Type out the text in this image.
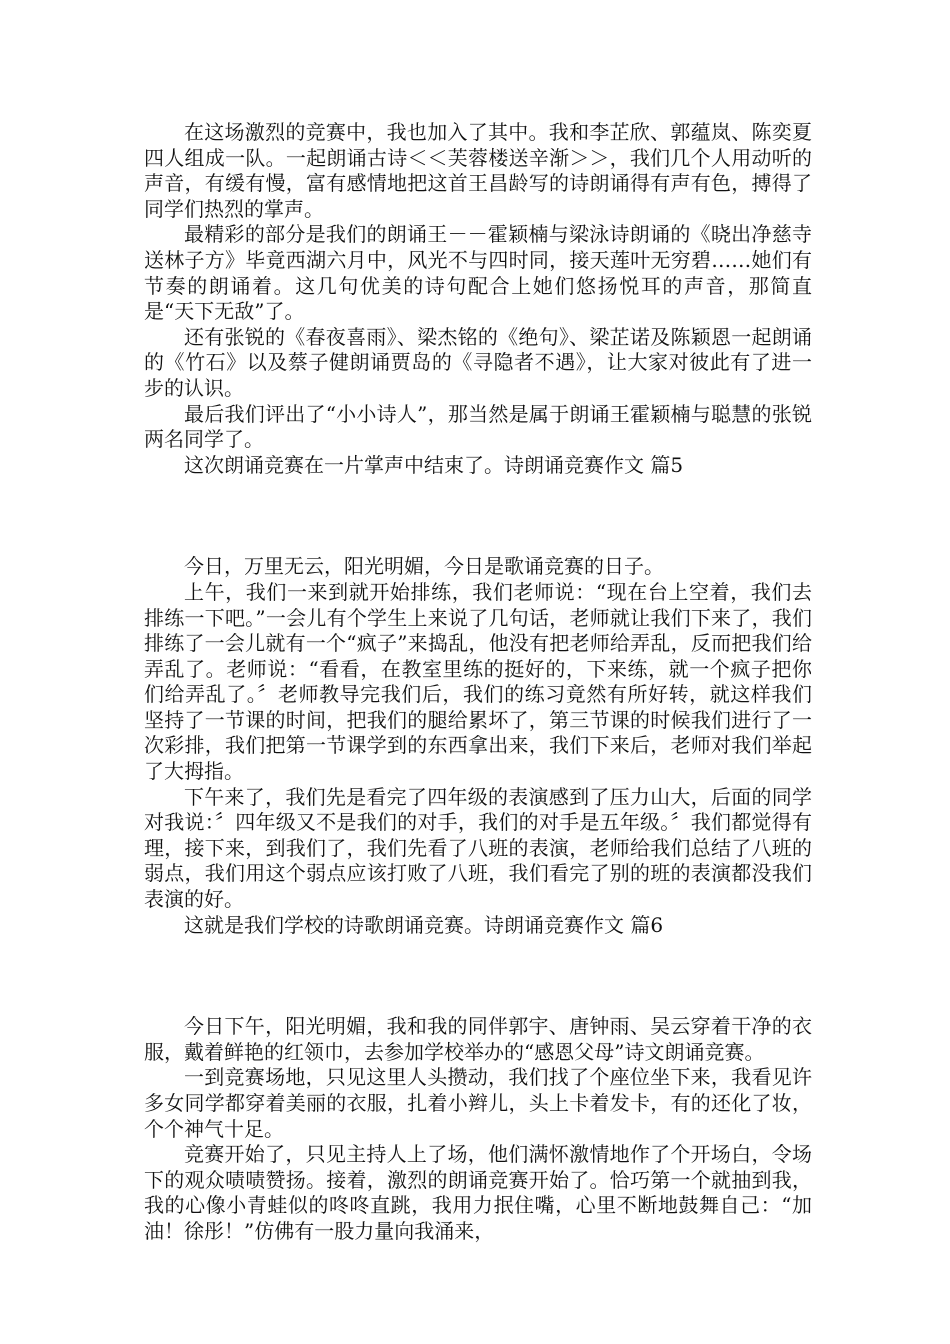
在这场激烈的竞赛中，我也加入了其中。我和李芷欣、郭蕴岚、陈奕夏四人组成一队。一起朗诵古诗＜＜芙蓉楼送辛渐＞＞，我们几个人用动听的声音，有缓有慢，富有感情地把这首王昌龄写的诗朗诵得有声有色，搏得了同学们热烈的掌声。

最精彩的部分是我们的朗诵王－－霍颖楠与梁泳诗朗诵的《晓出净慈寺送林子方》毕竟西湖六月中，风光不与四时同，接天莲叶无穷碧……她们有节奏的朗诵着。这几句优美的诗句配合上她们悠扬悦耳的声音，那简直是“天下无敌”了。

还有张锐的《春夜喜雨》、梁杰铭的《绝句》、梁芷诺及陈颖恩一起朗诵的《竹石》以及蔡子健朗诵贾岛的《寻隐者不遇》，让大家对彼此有了进一步的认识。

最后我们评出了“小小诗人”，那当然是属于朗诵王霍颖楠与聪慧的张锐两名同学了。

这次朗诵竞赛在一片掌声中结束了。诗朗诵竞赛作文 篇5

今日，万里无云，阳光明媚，今日是歌诵竞赛的日子。

上午，我们一来到就开始排练，我们老师说：“现在台上空着，我们去排练一下吧。”一会儿有个学生上来说了几句话，老师就让我们下来了，我们排练了一会儿就有一个“疯子”来捣乱，他没有把老师给弄乱，反而把我们给弄乱了。老师说：“看看，在教室里练的挺好的，下来练，就一个疯子把你们给弄乱了。〞老师教导完我们后，我们的练习竟然有所好转，就这样我们坚持了一节课的时间，把我们的腿给累坏了，第三节课的时候我们进行了一次彩排，我们把第一节课学到的东西拿出来，我们下来后，老师对我们举起了大拇指。

下午来了，我们先是看完了四年级的表演感到了压力山大，后面的同学对我说：〞四年级又不是我们的对手，我们的对手是五年级。〞我们都觉得有理，接下来，到我们了，我们先看了八班的表演，老师给我们总结了八班的弱点，我们用这个弱点应该打败了八班，我们看完了别的班的表演都没我们表演的好。

这就是我们学校的诗歌朗诵竞赛。诗朗诵竞赛作文 篇6

今日下午，阳光明媚，我和我的同伴郭宇、唐钟雨、吴云穿着干净的衣服，戴着鲜艳的红领巾，去参加学校举办的“感恩父母”诗文朗诵竞赛。

一到竞赛场地，只见这里人头攒动，我们找了个座位坐下来，我看见许多女同学都穿着美丽的衣服，扎着小辫儿，头上卡着发卡，有的还化了妆，个个神气十足。

竞赛开始了，只见主持人上了场，他们满怀激情地作了个开场白，令场下的观众啧啧赞扬。接着，激烈的朗诵竞赛开始了。恰巧第一个就抽到我，我的心像小青蛙似的咚咚直跳，我用力抿住嘴，心里不断地鼓舞自己：“加油！徐彤！”仿佛有一股力量向我涌来，
